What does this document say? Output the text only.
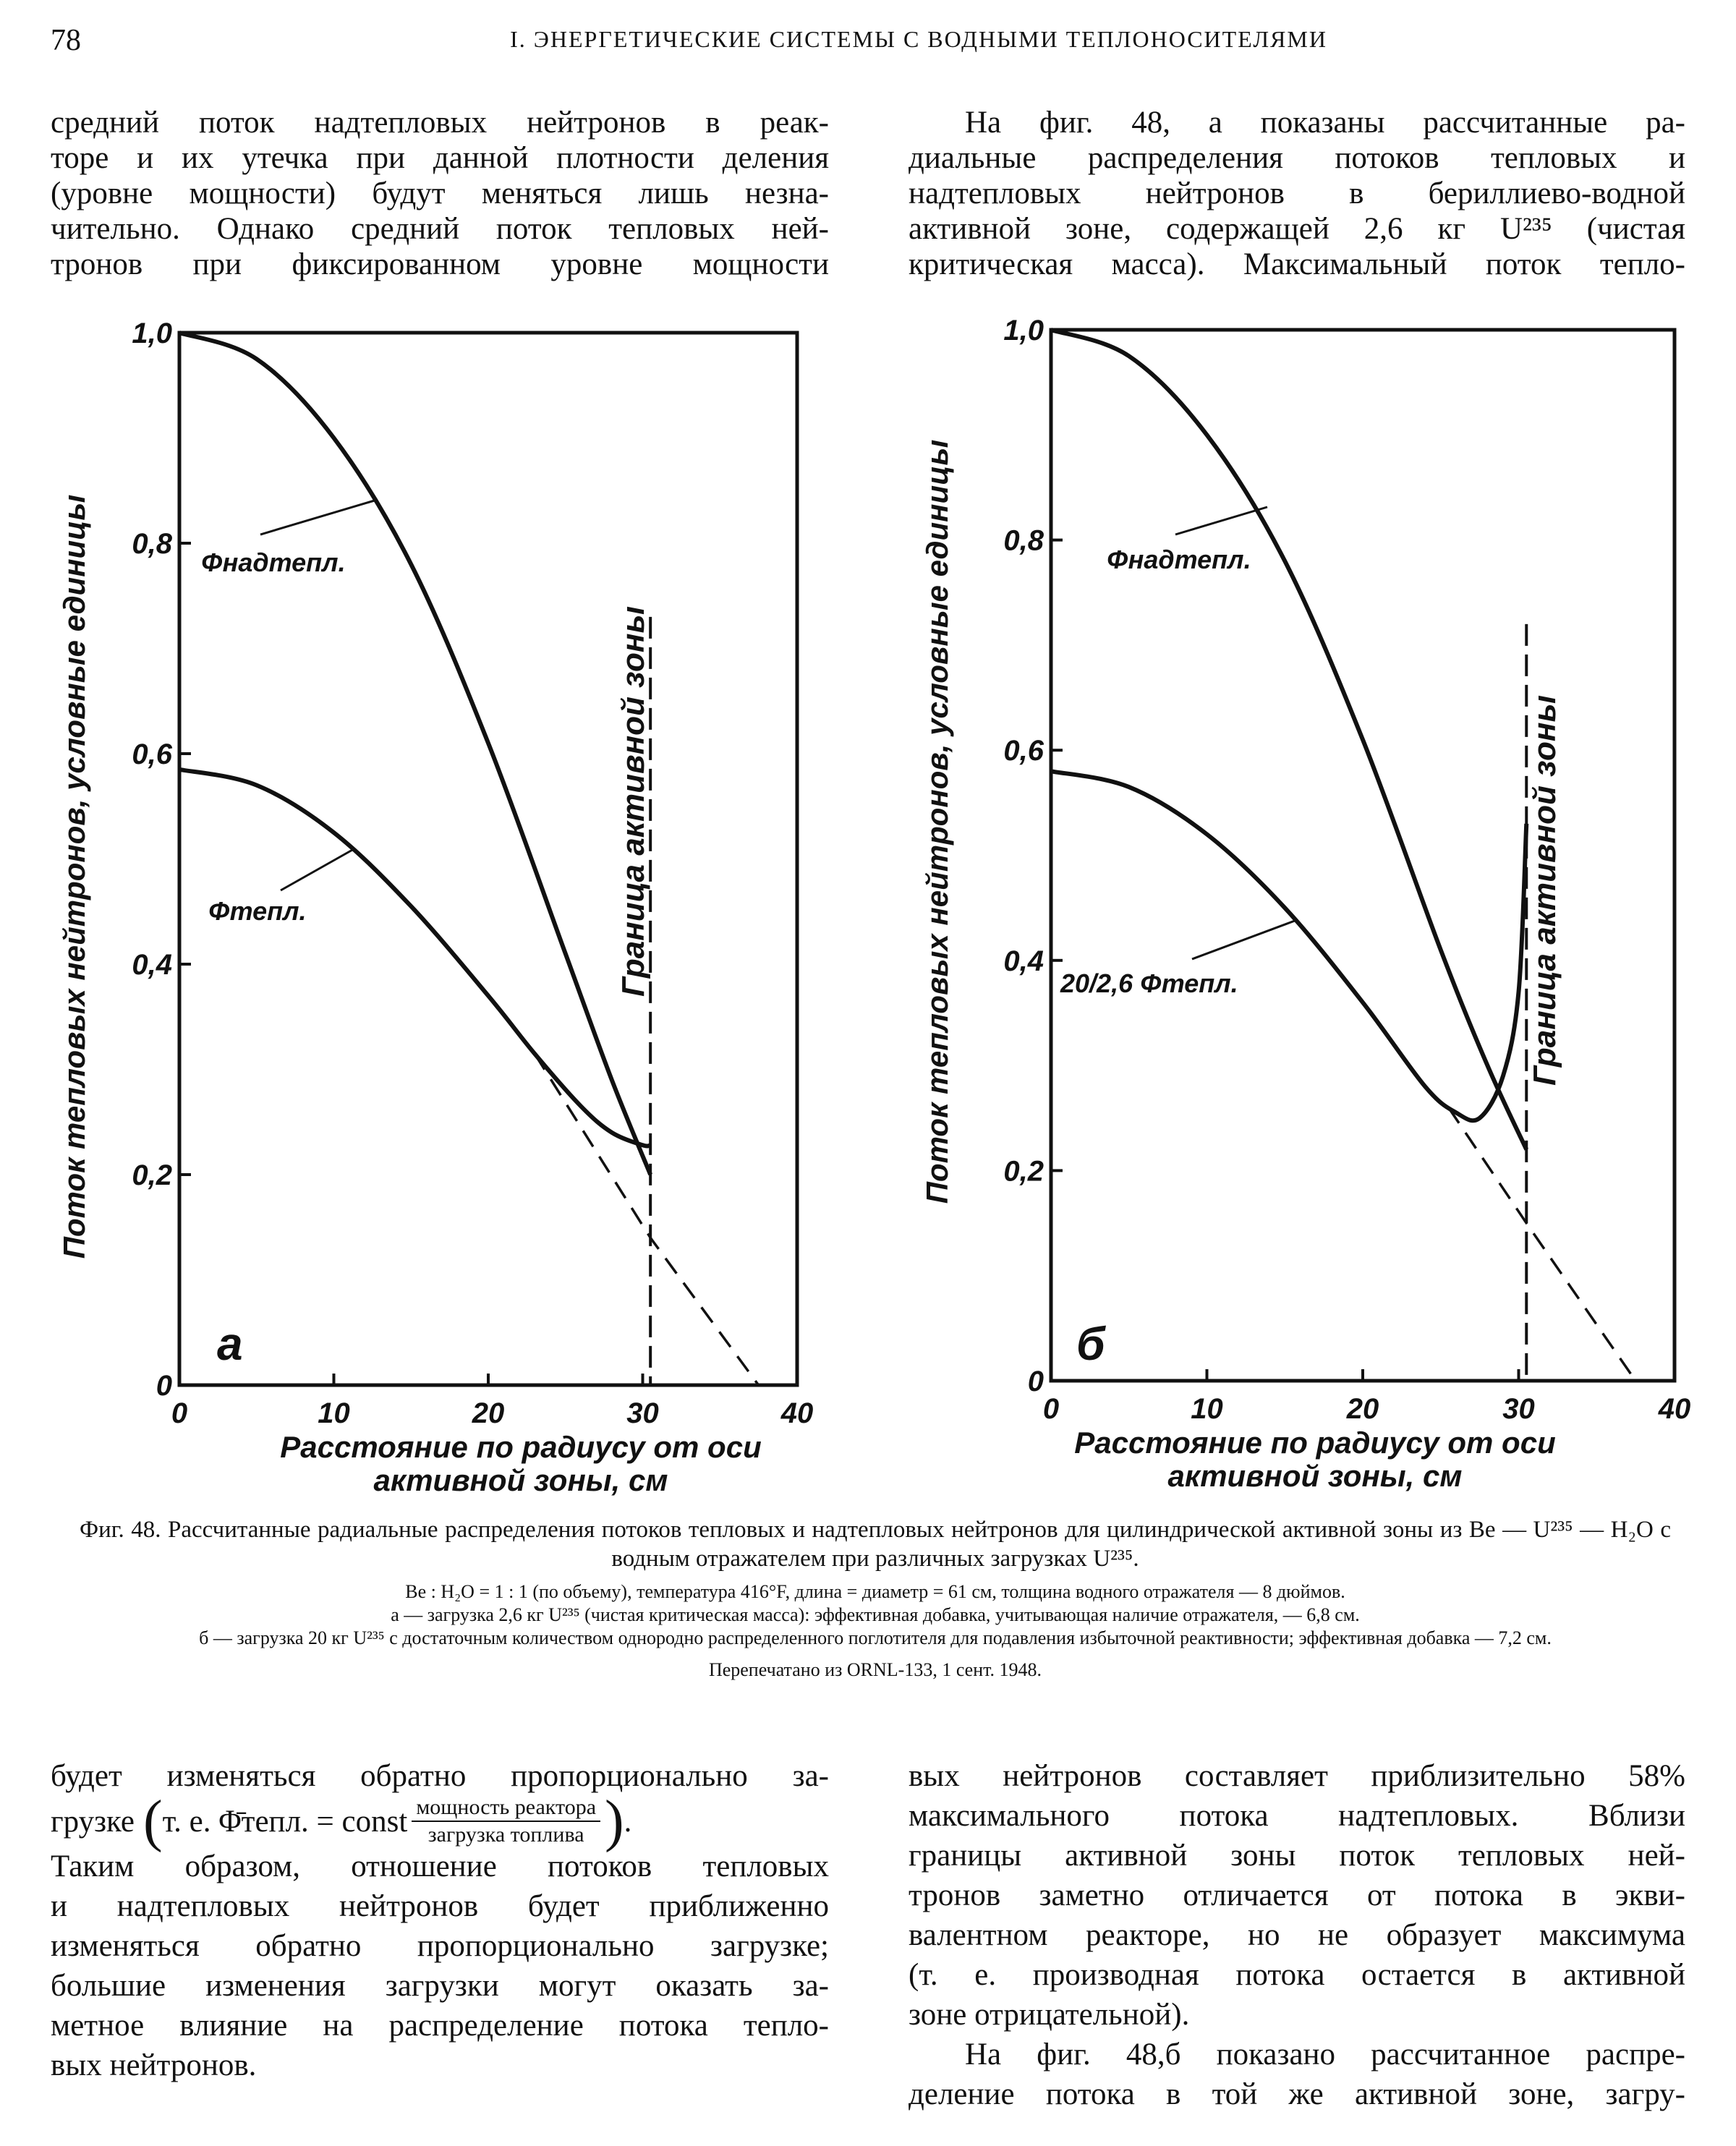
78	I. ЭНЕРГЕТИЧЕСКИЕ СИСТЕМЫ С ВОДНЫМИ ТЕПЛОНОСИТЕЛЯМИ
средний поток надтепловых нейтронов в реак-
торе и их утечка при данной плотности деления
(уровне мощности) будут меняться лишь незна-
чительно. Однако средний поток тепловых ней-
тронов при фиксированном уровне мощности
На фиг. 48, а показаны рассчитанные ра-
диальные распределения потоков тепловых и
надтепловых нейтронов в бериллиево-водной
активной зоне, содержащей 2,6 кг U²³⁵ (чистая
критическая масса). Максимальный поток тепло-
0
0,2
0,4
0,6
0,8
1,0
0	10	20	30	40
Φнадтепл.
Φтепл.
а
Граница активной зоны
Поток тепловых нейтронов, условные единицы
Расстояние по радиусу от оси
активной зоны, см
0
0,2
0,4
0,6
0,8
1,0
0	10	20	30	40
Φнадтепл.
20/2,6 Φтепл.
б
Граница активной зоны
Поток тепловых нейтронов, условные единицы
Расстояние по радиусу от оси
активной зоны, см
Фиг. 48. Рассчитанные радиальные распределения потоков тепловых и надтепловых нейтронов для цилиндрической активной зоны из Be — U²³⁵ — H₂O с водным отражателем при различных загрузках U²³⁵.
Be : H₂O = 1 : 1 (по объему), температура 416°F, длина = диаметр = 61 см, толщина водного отражателя — 8 дюймов.
а — загрузка 2,6 кг U²³⁵ (чистая критическая масса): эффективная добавка, учитывающая наличие отражателя, — 6,8 см.
б — загрузка 20 кг U²³⁵ с достаточным количеством однородно распределенного поглотителя для подавления избыточной реактивности; эффективная добавка — 7,2 см.
Перепечатано из ORNL-133, 1 сент. 1948.
будет изменяться обратно пропорционально за-
грузке ( т. е. Φ̄тепл. = const $\frac{\text{мощность реактора}}{\text{загрузка топлива}}$ ) .
Таким образом, отношение потоков тепловых
и надтепловых нейтронов будет приближенно
изменяться обратно пропорционально загрузке;
большие изменения загрузки могут оказать за-
метное влияние на распределение потока тепло-
вых нейтронов.
вых нейтронов составляет приблизительно 58%
максимального потока надтепловых. Вблизи
границы активной зоны поток тепловых ней-
тронов заметно отличается от потока в экви-
валентном реакторе, но не образует максимума
(т. е. производная потока остается в активной
зоне отрицательной).
На фиг. 48,б показано рассчитанное распре-
деление потока в той же активной зоне, загру-
